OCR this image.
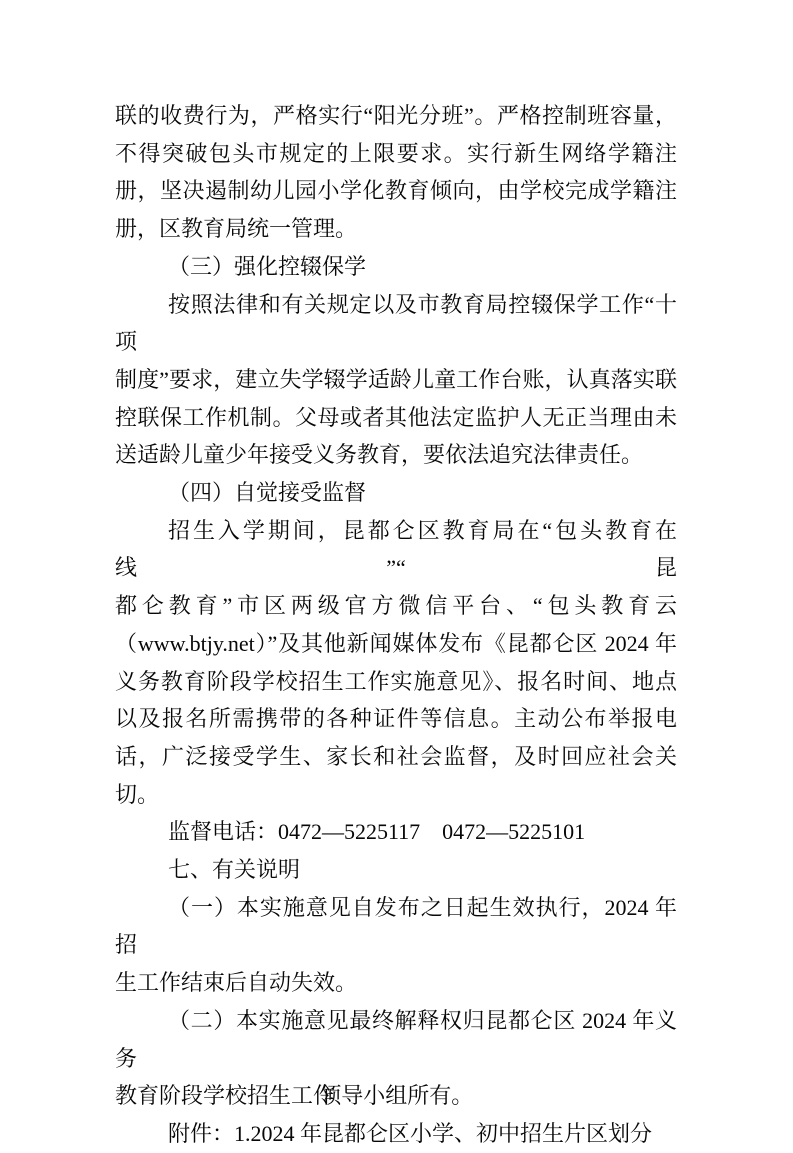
联的收费行为，严格实行“阳光分班”。严格控制班容量，
不得突破包头市规定的上限要求。实行新生网络学籍注
册，坚决遏制幼儿园小学化教育倾向，由学校完成学籍注
册，区教育局统一管理。
（三）强化控辍保学
按照法律和有关规定以及市教育局控辍保学工作“十项
制度”要求，建立失学辍学适龄儿童工作台账，认真落实联
控联保工作机制。父母或者其他法定监护人无正当理由未
送适龄儿童少年接受义务教育，要依法追究法律责任。
（四）自觉接受监督
招生入学期间，昆都仑区教育局在“包头教育在线”“昆
都仑教育”市区两级官方微信平台、“包头教育云
（www.btjy.net）”及其他新闻媒体发布《昆都仑区 2024 年
义务教育阶段学校招生工作实施意见》、报名时间、地点
以及报名所需携带的各种证件等信息。主动公布举报电
话，广泛接受学生、家长和社会监督，及时回应社会关
切。
监督电话：0472—5225117　0472—5225101
七、有关说明
（一）本实施意见自发布之日起生效执行，2024 年招
生工作结束后自动失效。
（二）本实施意见最终解释权归昆都仑区 2024 年义务
教育阶段学校招生工作领导小组所有。
附件：1.2024 年昆都仑区小学、初中招生片区划分
